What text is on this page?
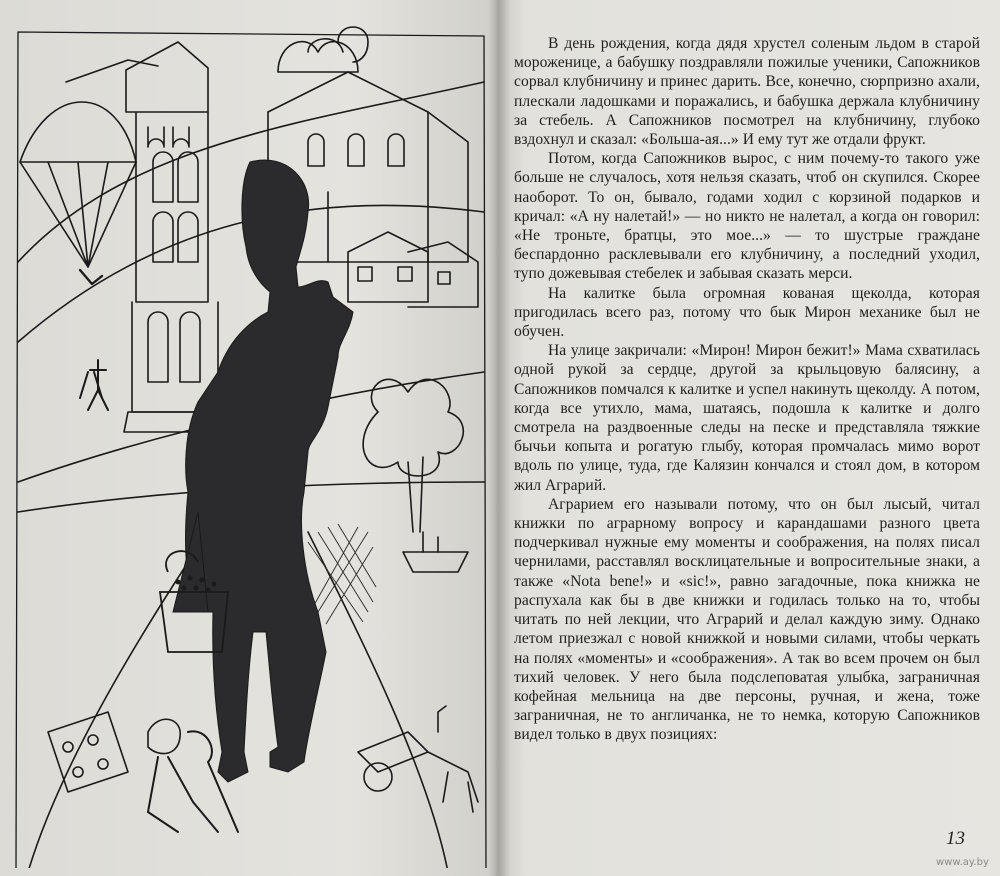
В день рождения, когда дядя хрустел соленым льдом в старой мороженице, а бабушку поздравляли пожилые ученики, Сапожников сорвал клубничину и принес дарить. Все, конечно, сюрпризно ахали, плескали ладошками и поражались, и бабушка держала клубничину за стебель. А Сапожников посмотрел на клубничину, глубоко вздохнул и сказал: «Больша-ая...» И ему тут же отдали фрукт.

Потом, когда Сапожников вырос, с ним почему-то такого уже больше не случалось, хотя нельзя сказать, чтоб он скупился. Скорее наоборот. То он, бывало, годами ходил с корзиной подарков и кричал: «А ну налетай!» — но никто не налетал, а когда он говорил: «Не троньте, братцы, это мое...» — то шустрые граждане беспардонно расклевывали его клубничину, а последний уходил, тупо дожевывая стебелек и забывая сказать мерси.

На калитке была огромная кованая щеколда, которая пригодилась всего раз, потому что бык Мирон механике был не обучен.

На улице закричали: «Мирон! Мирон бежит!» Мама схватилась одной рукой за сердце, другой за крыльцовую балясину, а Сапожников помчался к калитке и успел накинуть щеколду. А потом, когда все утихло, мама, шатаясь, подошла к калитке и долго смотрела на раздвоенные следы на песке и представляла тяжкие бычьи копыта и рогатую глыбу, которая промчалась мимо ворот вдоль по улице, туда, где Калязин кончался и стоял дом, в котором жил Аграрий.

Аграрием его называли потому, что он был лысый, читал книжки по аграрному вопросу и карандашами разного цвета подчеркивал нужные ему моменты и соображения, на полях писал чернилами, расставлял восклицательные и вопросительные знаки, а также «Nota bene!» и «sic!», равно загадочные, пока книжка не распухала как бы в две книжки и годилась только на то, чтобы читать по ней лекции, что Аграрий и делал каждую зиму. Однако летом приезжал с новой книжкой и новыми силами, чтобы черкать на полях «моменты» и «соображения». А так во всем прочем он был тихий человек. У него была подслеповатая улыбка, заграничная кофейная мельница на две персоны, ручная, и жена, тоже заграничная, не то англичанка, не то немка, которую Сапожников видел только в двух позициях:

13
www.ay.by
